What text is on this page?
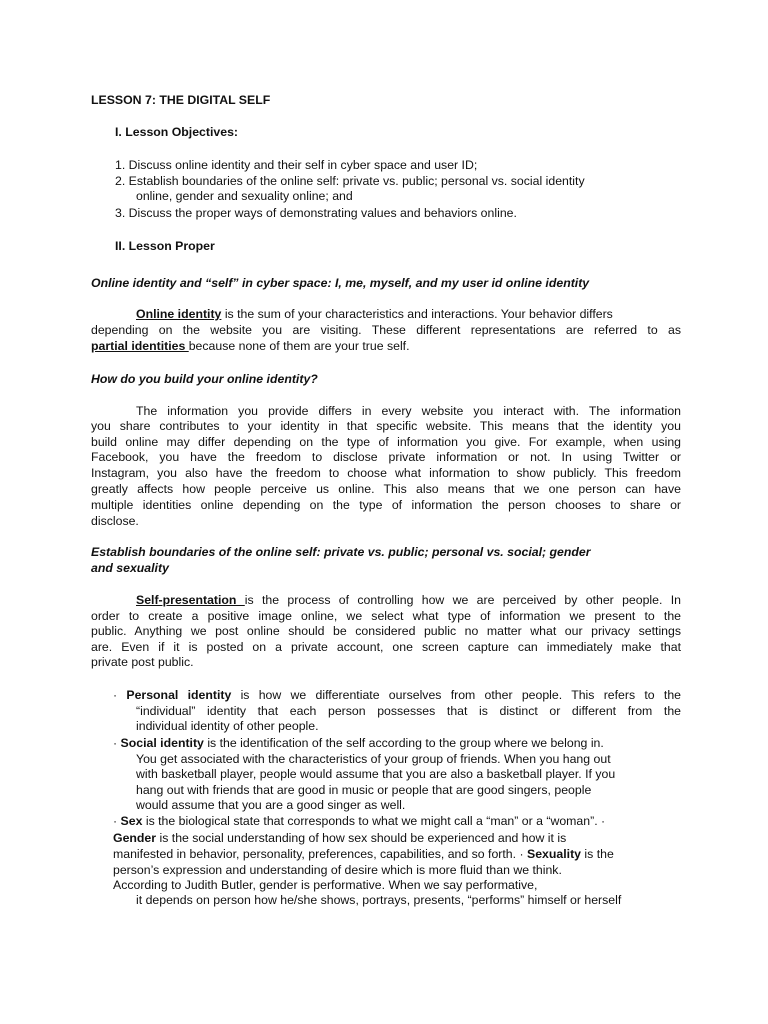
LESSON 7: THE DIGITAL SELF
I. Lesson Objectives:
1. Discuss online identity and their self in cyber space and user ID;
2. Establish boundaries of the online self: private vs. public; personal vs. social identity
online, gender and sexuality online; and
3. Discuss the proper ways of demonstrating values and behaviors online.
II. Lesson Proper
Online identity and “self” in cyber space: I, me, myself, and my user id online identity
Online identity is the sum of your characteristics and interactions. Your behavior differs
depending on the website you are visiting. These different representations are referred to as
partial identities because none of them are your true self.
How do you build your online identity?
The information you provide differs in every website you interact with. The information
you share contributes to your identity in that specific website. This means that the identity you
build online may differ depending on the type of information you give. For example, when using
Facebook, you have the freedom to disclose private information or not. In using Twitter or
Instagram, you also have the freedom to choose what information to show publicly. This freedom
greatly affects how people perceive us online. This also means that we one person can have
multiple identities online depending on the type of information the person chooses to share or
disclose.
Establish boundaries of the online self: private vs. public; personal vs. social; gender
and sexuality
Self-presentation is the process of controlling how we are perceived by other people. In
order to create a positive image online, we select what type of information we present to the
public. Anything we post online should be considered public no matter what our privacy settings
are. Even if it is posted on a private account, one screen capture can immediately make that
private post public.
· Personal identity is how we differentiate ourselves from other people. This refers to the
“individual” identity that each person possesses that is distinct or different from the
individual identity of other people.
· Social identity is the identification of the self according to the group where we belong in.
You get associated with the characteristics of your group of friends. When you hang out
with basketball player, people would assume that you are also a basketball player. If you
hang out with friends that are good in music or people that are good singers, people
would assume that you are a good singer as well.
· Sex is the biological state that corresponds to what we might call a “man” or a “woman”. ·
Gender is the social understanding of how sex should be experienced and how it is
manifested in behavior, personality, preferences, capabilities, and so forth. · Sexuality is the
person’s expression and understanding of desire which is more fluid than we think.
According to Judith Butler, gender is performative. When we say performative,
it depends on person how he/she shows, portrays, presents, “performs” himself or herself
